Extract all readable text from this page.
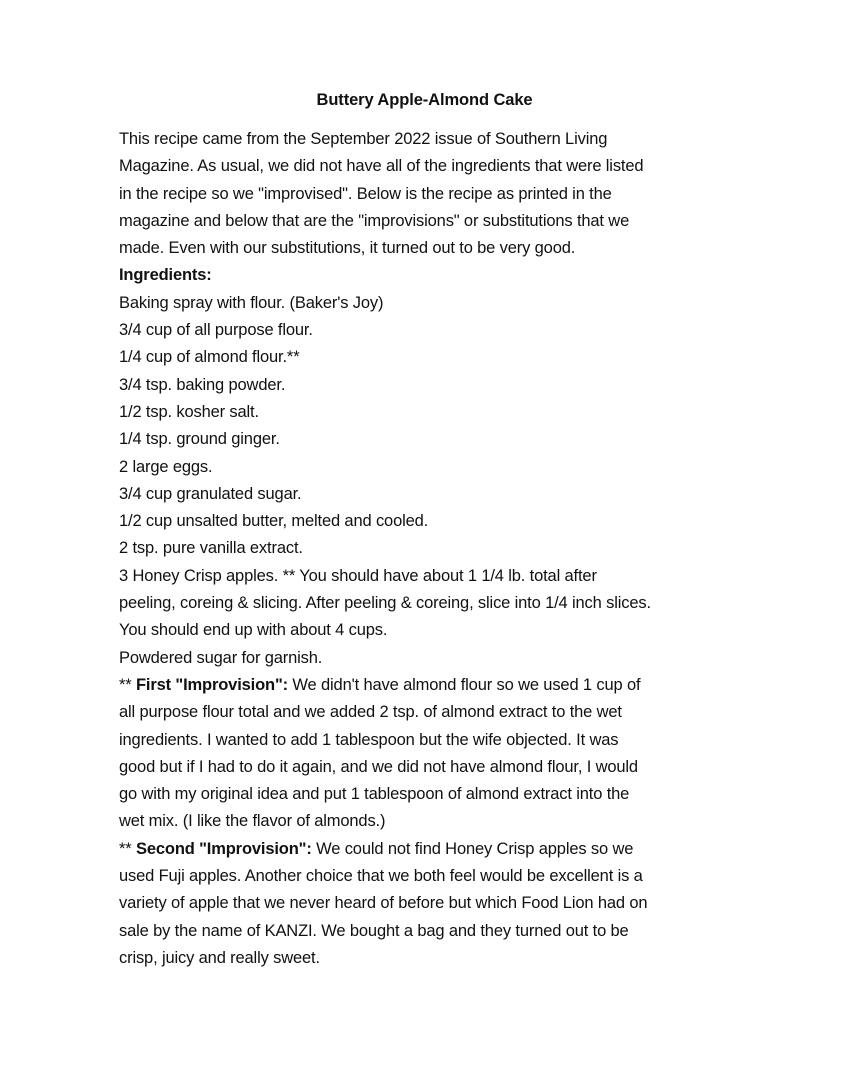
Buttery Apple-Almond Cake
This recipe came from the September 2022 issue of Southern Living
Magazine. As usual, we did not have all of the ingredients that were listed
in the recipe so we "improvised". Below is the recipe as printed in the
magazine and below that are the "improvisions" or substitutions that we
made. Even with our substitutions, it turned out to be very good.
Ingredients:
Baking spray with flour. (Baker's Joy)
3/4 cup of all purpose flour.
1/4 cup of almond flour.**
3/4 tsp. baking powder.
1/2 tsp. kosher salt.
1/4 tsp. ground ginger.
2 large eggs.
3/4 cup granulated sugar.
1/2 cup unsalted butter, melted and cooled.
2 tsp. pure vanilla extract.
3 Honey Crisp apples. ** You should have about 1 1/4 lb. total after
peeling, coreing & slicing. After peeling & coreing, slice into 1/4 inch slices.
You should end up with about 4 cups.
Powdered sugar for garnish.
** First "Improvision": We didn't have almond flour so we used 1 cup of
all purpose flour total and we added 2 tsp. of almond extract to the wet
ingredients. I wanted to add 1 tablespoon but the wife objected. It was
good but if I had to do it again, and we did not have almond flour, I would
go with my original idea and put 1 tablespoon of almond extract into the
wet mix. (I like the flavor of almonds.)
** Second "Improvision": We could not find Honey Crisp apples so we
used Fuji apples. Another choice that we both feel would be excellent is a
variety of apple that we never heard of before but which Food Lion had on
sale by the name of KANZI. We bought a bag and they turned out to be
crisp, juicy and really sweet.
